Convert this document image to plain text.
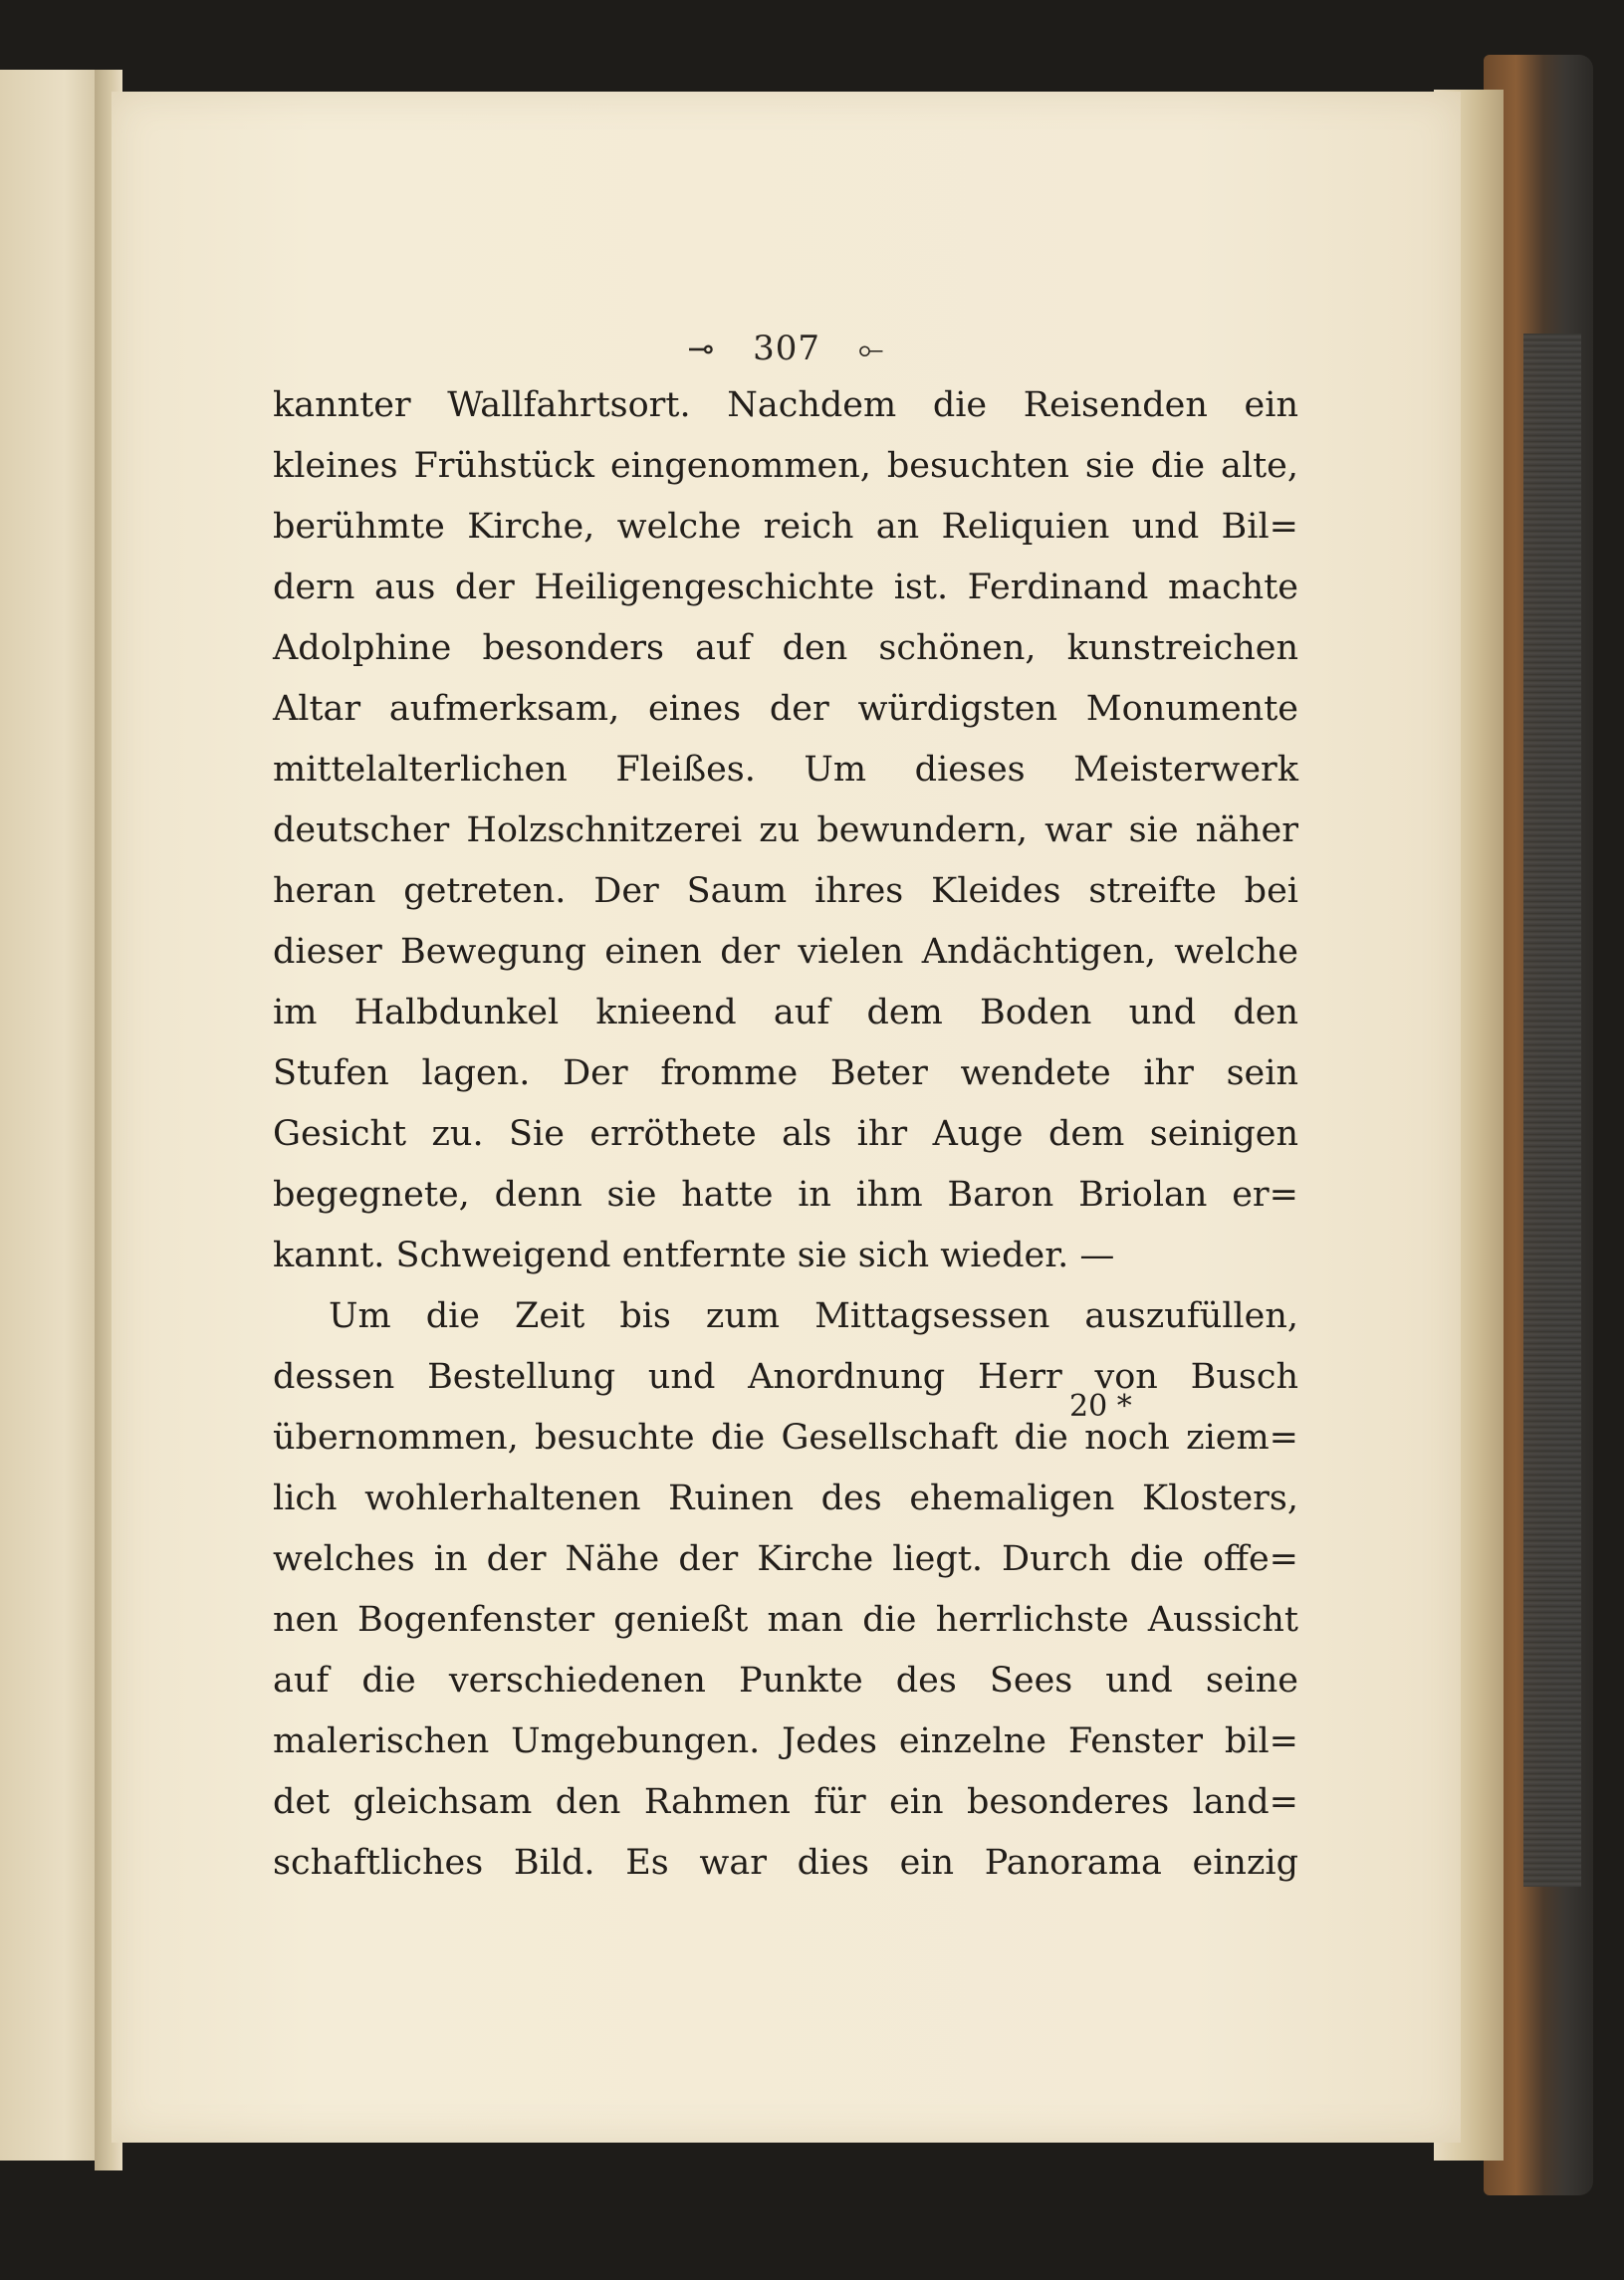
⊸ 307 ⟜
kannter Wallfahrtsort. Nachdem die Reisenden ein
kleines Frühstück eingenommen, besuchten sie die alte,
berühmte Kirche, welche reich an Reliquien und Bil=
dern aus der Heiligengeschichte ist. Ferdinand machte
Adolphine besonders auf den schönen, kunstreichen
Altar aufmerksam, eines der würdigsten Monumente
mittelalterlichen Fleißes. Um dieses Meisterwerk
deutscher Holzschnitzerei zu bewundern, war sie näher
heran getreten. Der Saum ihres Kleides streifte bei
dieser Bewegung einen der vielen Andächtigen, welche
im Halbdunkel knieend auf dem Boden und den
Stufen lagen. Der fromme Beter wendete ihr sein
Gesicht zu. Sie erröthete als ihr Auge dem seinigen
begegnete, denn sie hatte in ihm Baron Briolan er=
kannt. Schweigend entfernte sie sich wieder. —
Um die Zeit bis zum Mittagsessen auszufüllen,
dessen Bestellung und Anordnung Herr von Busch
übernommen, besuchte die Gesellschaft die noch ziem=
lich wohlerhaltenen Ruinen des ehemaligen Klosters,
welches in der Nähe der Kirche liegt. Durch die offe=
nen Bogenfenster genießt man die herrlichste Aussicht
auf die verschiedenen Punkte des Sees und seine
malerischen Umgebungen. Jedes einzelne Fenster bil=
det gleichsam den Rahmen für ein besonderes land=
schaftliches Bild. Es war dies ein Panorama einzig
20 *
